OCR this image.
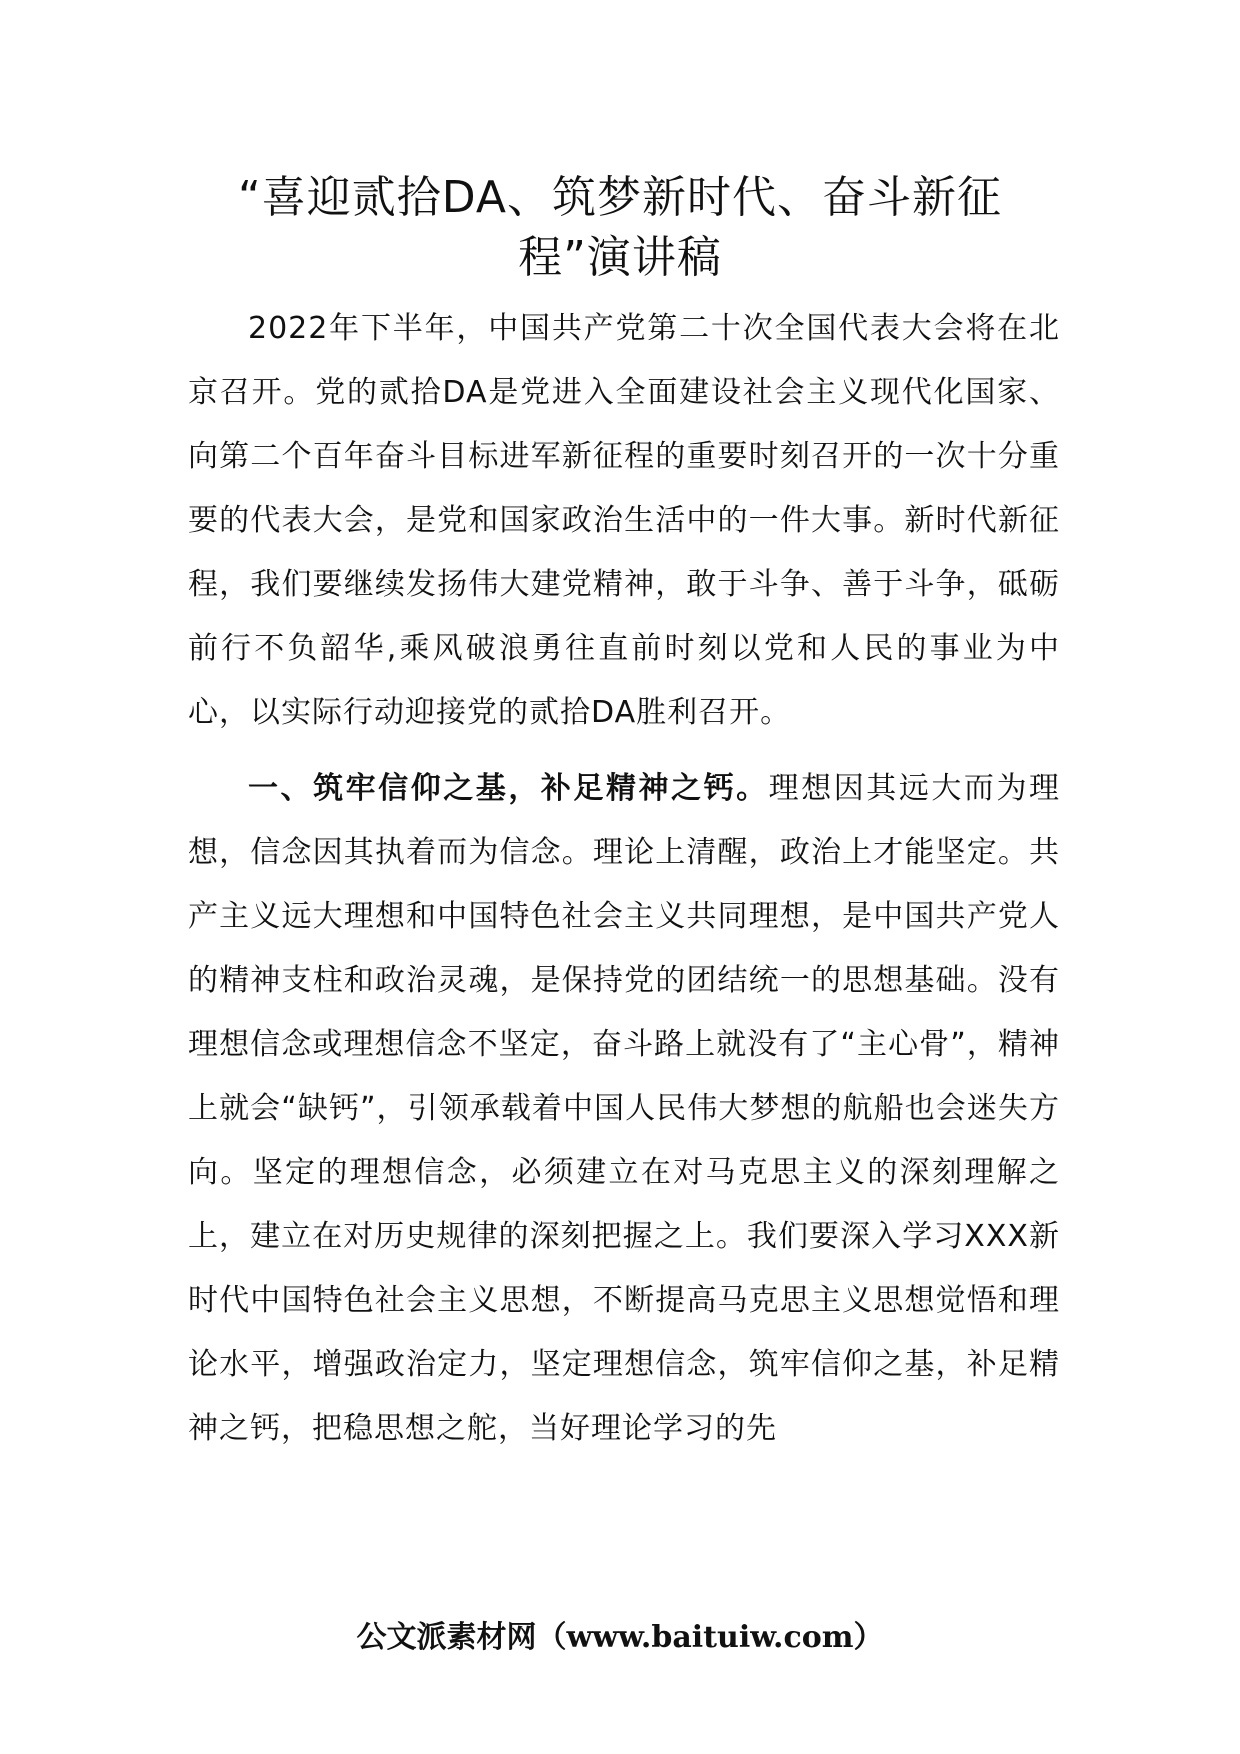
“喜迎贰拾DA、筑梦新时代、奋斗新征
程”演讲稿

2022年下半年，中国共产党第二十次全国代表大会将在北京召开。党的贰拾DA是党进入全面建设社会主义现代化国家、向第二个百年奋斗目标进军新征程的重要时刻召开的一次十分重要的代表大会，是党和国家政治生活中的一件大事。新时代新征程，我们要继续发扬伟大建党精神，敢于斗争、善于斗争，砥砺前行不负韶华,乘风破浪勇往直前时刻以党和人民的事业为中心，以实际行动迎接党的贰拾DA胜利召开。

一、筑牢信仰之基，补足精神之钙。理想因其远大而为理想，信念因其执着而为信念。理论上清醒，政治上才能坚定。共产主义远大理想和中国特色社会主义共同理想，是中国共产党人的精神支柱和政治灵魂，是保持党的团结统一的思想基础。没有理想信念或理想信念不坚定，奋斗路上就没有了“主心骨”，精神上就会“缺钙”，引领承载着中国人民伟大梦想的航船也会迷失方向。坚定的理想信念，必须建立在对马克思主义的深刻理解之上，建立在对历史规律的深刻把握之上。我们要深入学习XXX新时代中国特色社会主义思想，不断提高马克思主义思想觉悟和理论水平，增强政治定力，坚定理想信念，筑牢信仰之基，补足精神之钙，把稳思想之舵，当好理论学习的先

公文派素材网（www.baituiw.com）
